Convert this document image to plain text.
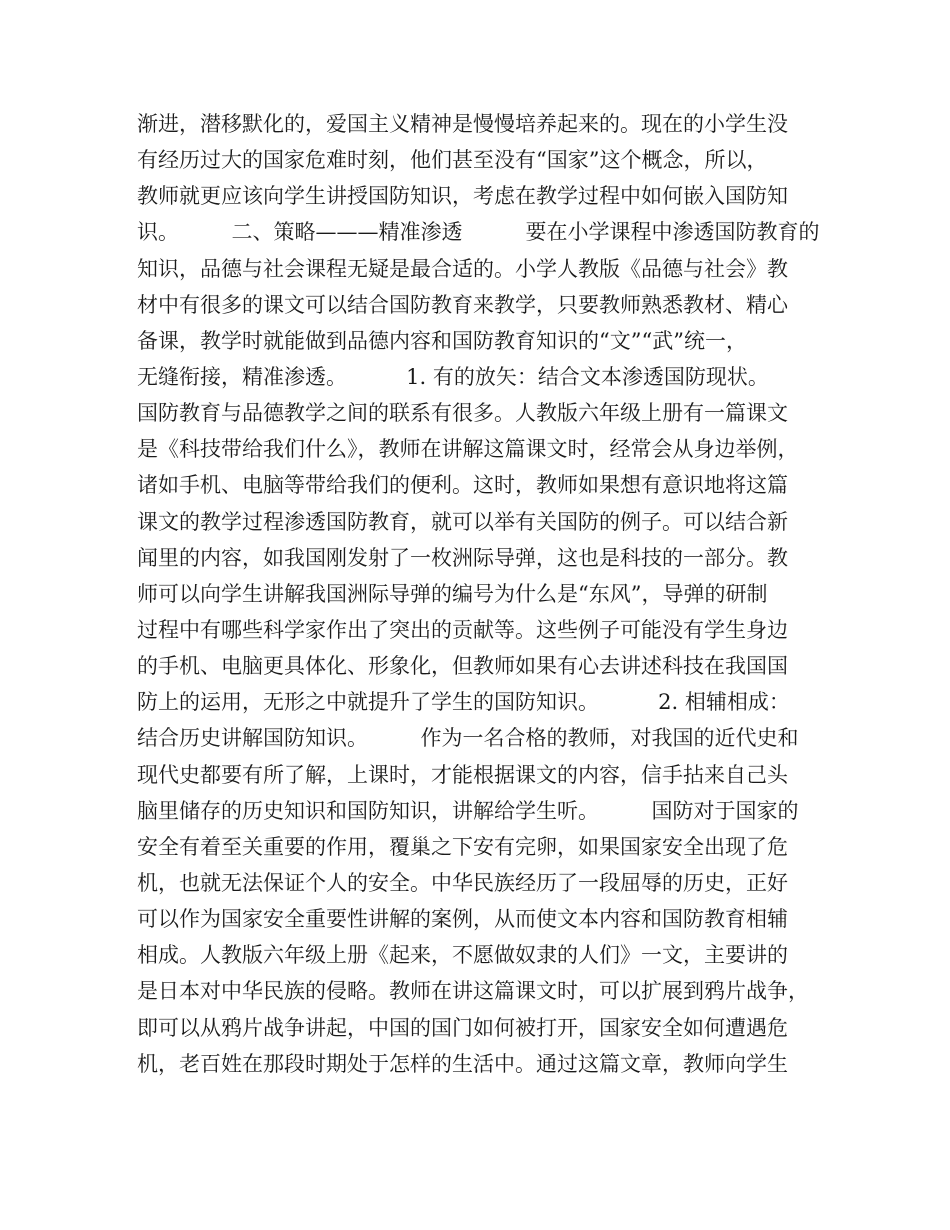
渐进，潜移默化的，爱国主义精神是慢慢培养起来的。现在的小学生没
有经历过大的国家危难时刻，他们甚至没有“国家”这个概念，所以，
教师就更应该向学生讲授国防知识，考虑在教学过程中如何嵌入国防知
识。　　　二、策略———精准渗透　　　要在小学课程中渗透国防教育的
知识，品德与社会课程无疑是最合适的。小学人教版《品德与社会》教
材中有很多的课文可以结合国防教育来教学，只要教师熟悉教材、精心
备课，教学时就能做到品德内容和国防教育知识的“文”“武”统一，
无缝衔接，精准渗透。　　　 1. 有的放矢：结合文本渗透国防现状。
国防教育与品德教学之间的联系有很多。人教版六年级上册有一篇课文
是《科技带给我们什么》，教师在讲解这篇课文时，经常会从身边举例，
诸如手机、电脑等带给我们的便利。这时，教师如果想有意识地将这篇
课文的教学过程渗透国防教育，就可以举有关国防的例子。可以结合新
闻里的内容，如我国刚发射了一枚洲际导弹，这也是科技的一部分。教
师可以向学生讲解我国洲际导弹的编号为什么是“东风”，导弹的研制
过程中有哪些科学家作出了突出的贡献等。这些例子可能没有学生身边
的手机、电脑更具体化、形象化，但教师如果有心去讲述科技在我国国
防上的运用，无形之中就提升了学生的国防知识。　　　 2. 相辅相成：
结合历史讲解国防知识。　　　作为一名合格的教师，对我国的近代史和
现代史都要有所了解，上课时，才能根据课文的内容，信手拈来自己头
脑里储存的历史知识和国防知识，讲解给学生听。　　　国防对于国家的
安全有着至关重要的作用，覆巢之下安有完卵，如果国家安全出现了危
机，也就无法保证个人的安全。中华民族经历了一段屈辱的历史，正好
可以作为国家安全重要性讲解的案例，从而使文本内容和国防教育相辅
相成。人教版六年级上册《起来，不愿做奴隶的人们》一文，主要讲的
是日本对中华民族的侵略。教师在讲这篇课文时，可以扩展到鸦片战争，
即可以从鸦片战争讲起，中国的国门如何被打开，国家安全如何遭遇危
机，老百姓在那段时期处于怎样的生活中。通过这篇文章，教师向学生
